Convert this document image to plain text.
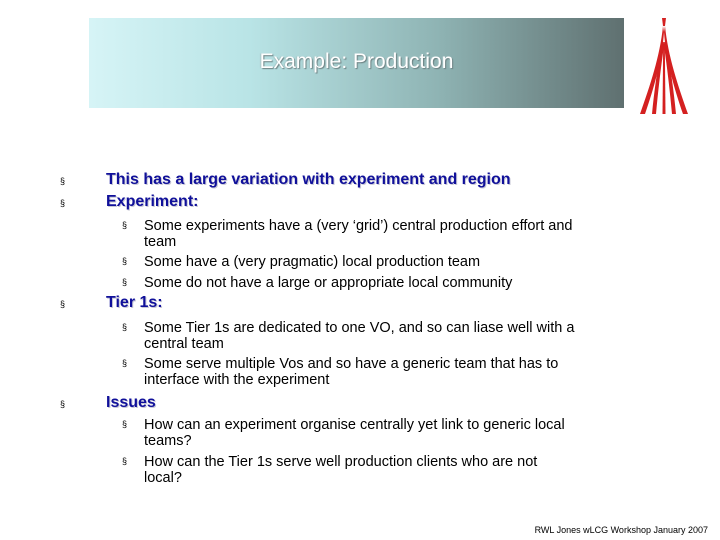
Example: Production
§	This has a large variation with experiment and region
§	Experiment:
§ Some experiments have a (very ‘grid’) central production effort and
team
§ Some have a (very pragmatic) local production team
§ Some do not have a large or appropriate local community
§	Tier 1s:
§ Some Tier 1s are dedicated to one VO, and so can liase well with a
central team
§ Some serve multiple Vos and so have a generic team that has to
interface with the experiment
§	Issues
§ How can an experiment organise centrally yet link to generic local
teams?
§ How can the Tier 1s serve well production clients who are not
local?
RWL Jones wLCG Workshop January 2007
